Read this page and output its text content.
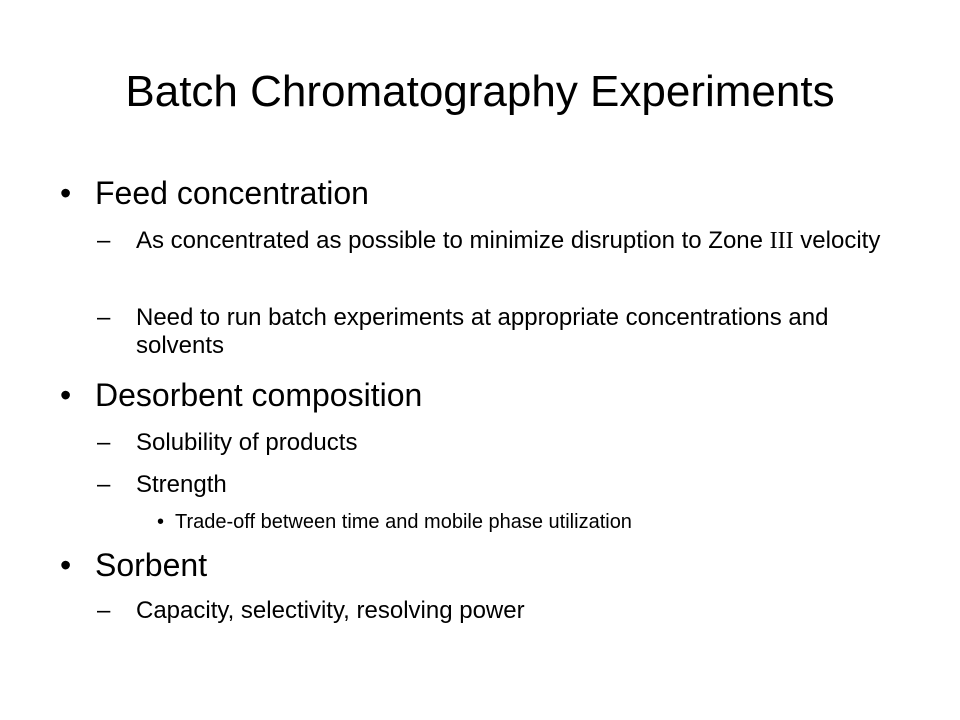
Batch Chromatography Experiments
• Feed concentration
– As concentrated as possible to minimize disruption to Zone III velocity
– Need to run batch experiments at appropriate concentrations and solvents
• Desorbent composition
– Solubility of products
– Strength
• Trade-off between time and mobile phase utilization
• Sorbent
– Capacity, selectivity, resolving power
